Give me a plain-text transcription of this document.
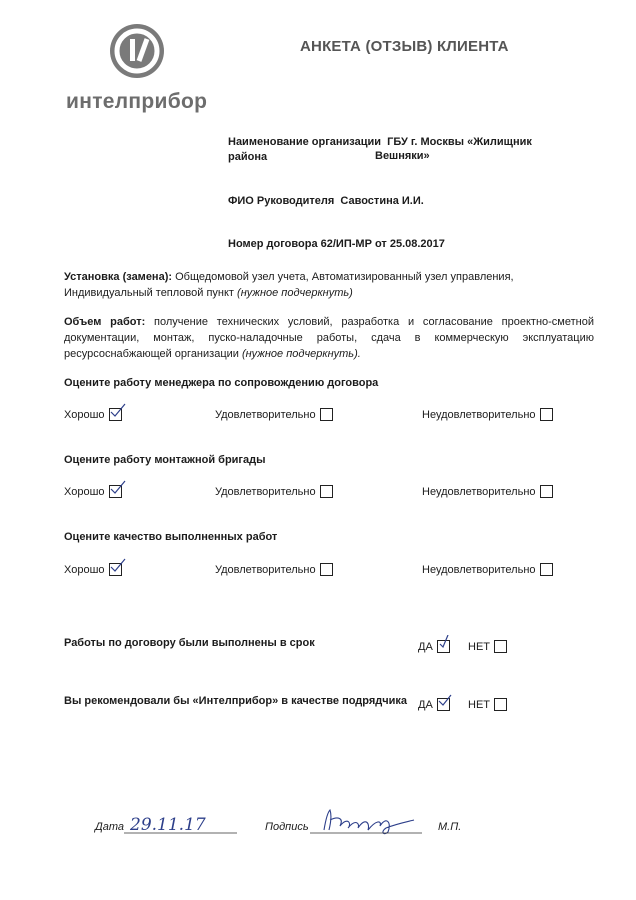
интелприбор
АНКЕТА (ОТЗЫВ) КЛИЕНТА
Наименование организации ГБУ г. Москвы «Жилищник района	Вешняки»
ФИО Руководителя Савостина И.И.
Номер договора 62/ИП-МР от 25.08.2017
Установка (замена): Общедомовой узел учета, Автоматизированный узел управления, Индивидуальный тепловой пункт (нужное подчеркнуть)
Объем работ: получение технических условий, разработка и согласование проектно-сметной документации, монтаж, пуско-наладочные работы, сдача в коммерческую эксплуатацию ресурсоснабжающей организации (нужное подчеркнуть).
Оцените работу менеджера по сопровождению договора
Хорошо	Удовлетворительно	Неудовлетворительно
Оцените работу монтажной бригады
Хорошо	Удовлетворительно	Неудовлетворительно
Оцените качество выполненных работ
Хорошо	Удовлетворительно	Неудовлетворительно
Работы по договору были выполнены в срок	ДА	НЕТ
Вы рекомендовали бы «Интелприбор» в качестве подрядчика ДА	НЕТ
Дата 29.11.17	Подпись	М.П.
